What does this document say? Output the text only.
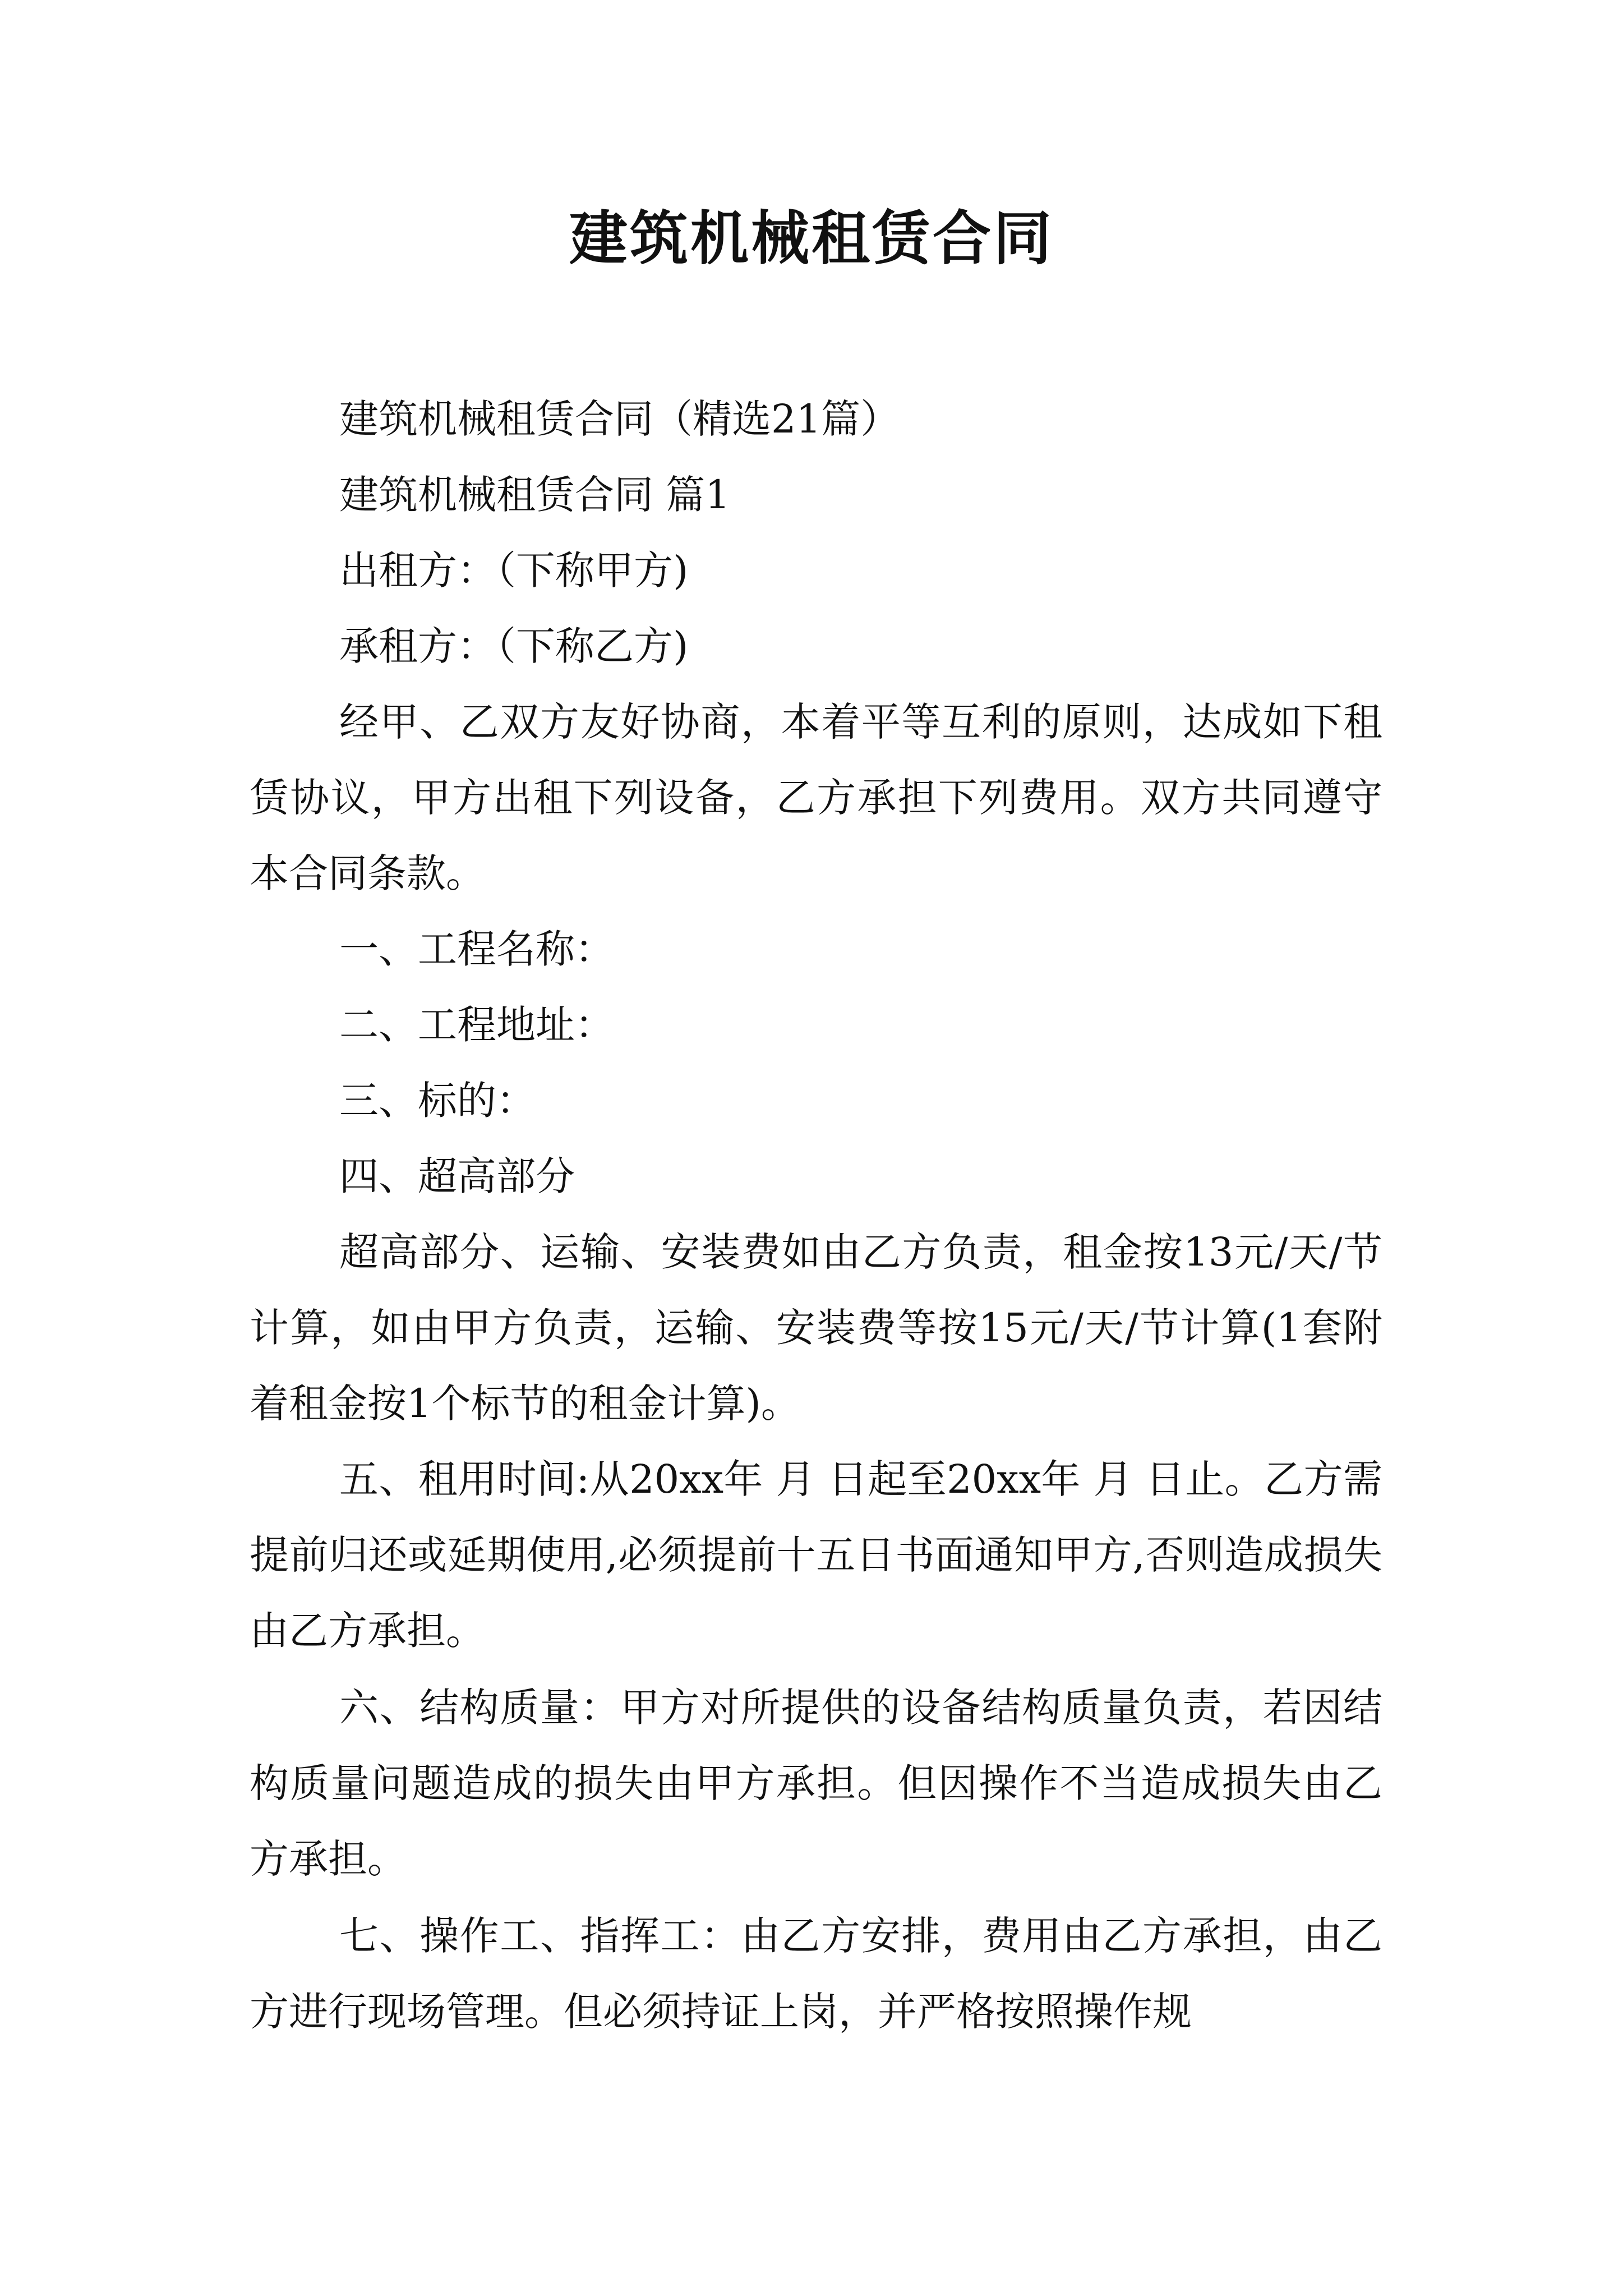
建筑机械租赁合同

建筑机械租赁合同（精选21篇）

建筑机械租赁合同 篇1

出租方：（下称甲方)

承租方：（下称乙方)

经甲、乙双方友好协商，本着平等互利的原则，达成如下租赁协议，甲方出租下列设备，乙方承担下列费用。双方共同遵守本合同条款。

一、工程名称：

二、工程地址：

三、标的：

四、超高部分

超高部分、运输、安装费如由乙方负责，租金按13元/天/节计算，如由甲方负责，运输、安装费等按15元/天/节计算(1套附着租金按1个标节的租金计算)。

五、租用时间:从20xx年 月 日起至20xx年 月 日止。乙方需提前归还或延期使用,必须提前十五日书面通知甲方,否则造成损失由乙方承担。

六、结构质量：甲方对所提供的设备结构质量负责，若因结构质量问题造成的损失由甲方承担。但因操作不当造成损失由乙方承担。

七、操作工、指挥工：由乙方安排，费用由乙方承担，由乙方进行现场管理。但必须持证上岗，并严格按照操作规
